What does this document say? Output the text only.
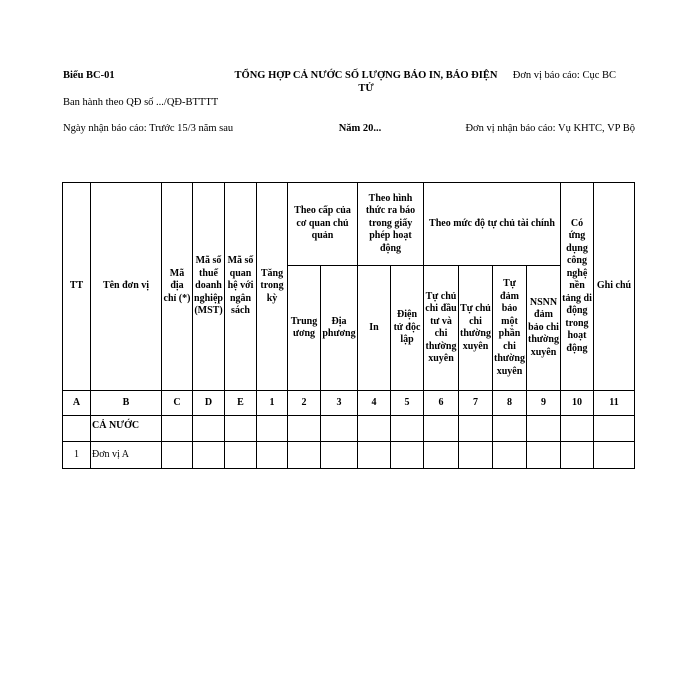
Biểu BC-01	TỔNG HỢP CẢ NƯỚC SỐ LƯỢNG BÁO IN, BÁO ĐIỆN TỬ
Đơn vị báo cáo: Cục BC
Ban hành theo QĐ số .../QĐ-BTTTT
Ngày nhận báo cáo: Trước 15/3 năm sau	Năm 20...	Đơn vị nhận báo cáo: Vụ KHTC, VP Bộ
TT	Tên đơn vị	Mã địa chỉ (*)	Mã số thuế doanh nghiệp (MST)	Mã số quan hệ với ngân sách	Tăng trong kỳ	Theo cấp của cơ quan chủ quản		Theo hình thức ra báo trong giấy phép hoạt động		Theo mức độ tự chủ tài chính				Có ứng dụng công nghệ nền tảng di động trong hoạt động	Ghi chú
						Trung ương	Địa phương	In	Điện tử độc lập	Tự chủ chi đầu tư và chi thường xuyên	Tự chủ chi thường xuyên	Tự đảm bảo một phần chi thường xuyên	NSNN đảm bảo chi thường xuyên		
A	B	C	D	E	1	2	3	4	5	6	7	8	9	10	11
	CẢ NƯỚC														
1	Đơn vị A														
